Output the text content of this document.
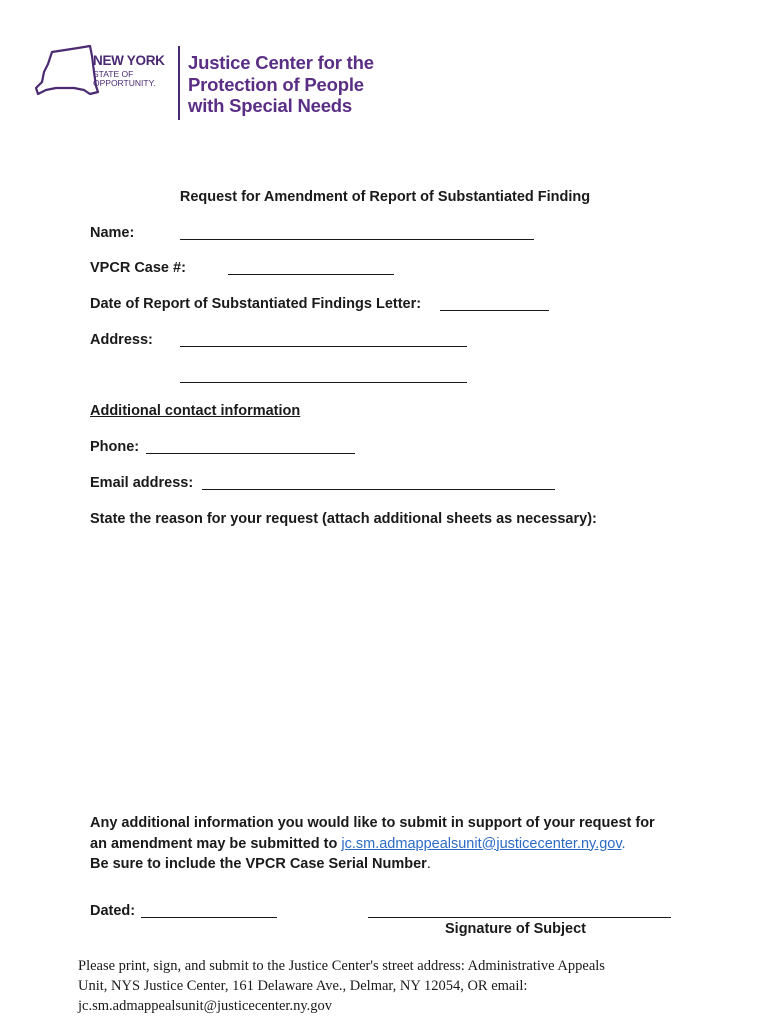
NEW YORK
STATE OF
OPPORTUNITY.
Justice Center for the
Protection of People
with Special Needs
Request for Amendment of Report of Substantiated Finding
Name:
VPCR Case #:
Date of Report of Substantiated Findings Letter:
Address:
Additional contact information
Phone:
Email address:
State the reason for your request (attach additional sheets as necessary):
Any additional information you would like to submit in support of your request for
an amendment may be submitted to jc.sm.admappealsunit@justicecenter.ny.gov.
Be sure to include the VPCR Case Serial Number.
Dated:
Signature of Subject
Please print, sign, and submit to the Justice Center's street address: Administrative Appeals
Unit, NYS Justice Center, 161 Delaware Ave., Delmar, NY 12054, OR email:
jc.sm.admappealsunit@justicecenter.ny.gov
